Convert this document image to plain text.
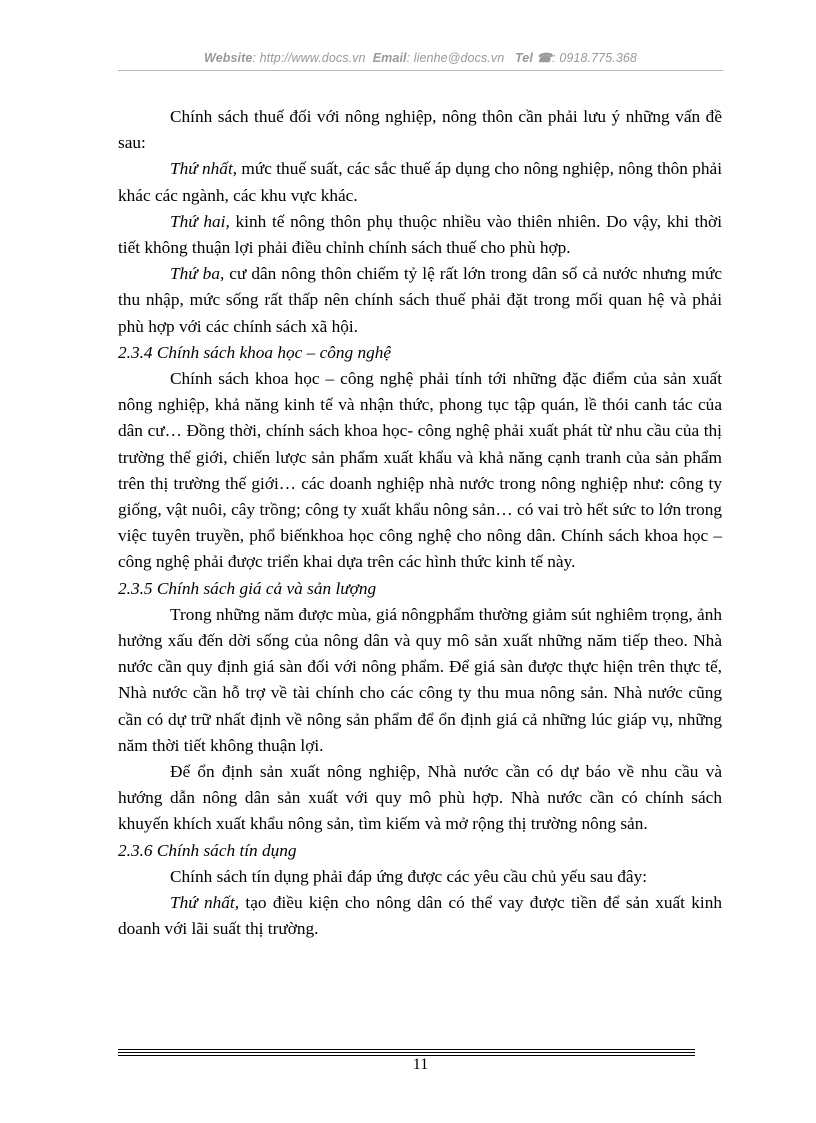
Website: http://www.docs.vn Email: lienhe@docs.vn Tel ☎: 0918.775.368

Chính sách thuế đối với nông nghiệp, nông thôn cần phải lưu ý những vấn đề sau:

Thứ nhất, mức thuế suất, các sắc thuế áp dụng cho nông nghiệp, nông thôn phải khác các ngành, các khu vực khác.

Thứ hai, kinh tế nông thôn phụ thuộc nhiều vào thiên nhiên. Do vậy, khi thời tiết không thuận lợi phải điều chỉnh chính sách thuế cho phù hợp.

Thứ ba, cư dân nông thôn chiếm tỷ lệ rất lớn trong dân số cả nước nhưng mức thu nhập, mức sống rất thấp nên chính sách thuế phải đặt trong mối quan hệ và phải phù hợp với các chính sách xã hội.

2.3.4 Chính sách khoa học – công nghệ

Chính sách khoa học – công nghệ phải tính tới những đặc điểm của sản xuất nông nghiệp, khả năng kinh tế và nhận thức, phong tục tập quán, lề thói canh tác của dân cư… Đồng thời, chính sách khoa học- công nghệ phải xuất phát từ nhu cầu của thị trường thế giới, chiến lược sản phẩm xuất khẩu và khả năng cạnh tranh của sản phẩm trên thị trường thế giới… các doanh nghiệp nhà nước trong nông nghiệp như: công ty giống, vật nuôi, cây trồng; công ty xuất khẩu nông sản… có vai trò hết sức to lớn trong việc tuyên truyền, phổ biếnkhoa học công nghệ cho nông dân. Chính sách khoa học – công nghệ phải được triển khai dựa trên các hình thức kinh tế này.

2.3.5 Chính sách giá cả và sản lượng

Trong những năm được mùa, giá nôngphẩm thường giảm sút nghiêm trọng, ảnh hưởng xấu đến dời sống của nông dân và quy mô sản xuất những năm tiếp theo. Nhà nước cần quy định giá sàn đối với nông phẩm. Để giá sàn được thực hiện trên thực tế, Nhà nước cần hỗ trợ về tài chính cho các công ty thu mua nông sản. Nhà nước cũng cần có dự trữ nhất định về nông sản phẩm để ổn định giá cả những lúc giáp vụ, những năm thời tiết không thuận lợi.

Để ổn định sản xuất nông nghiệp, Nhà nước cần có dự báo về nhu cầu và hướng dẫn nông dân sản xuất với quy mô phù hợp. Nhà nước cần có chính sách khuyến khích xuất khẩu nông sản, tìm kiếm và mở rộng thị trường nông sản.

2.3.6 Chính sách tín dụng

Chính sách tín dụng phải đáp ứng được các yêu cầu chủ yếu sau đây:

Thứ nhất, tạo điều kiện cho nông dân có thể vay được tiền để sản xuất kinh doanh với lãi suất thị trường.

11
